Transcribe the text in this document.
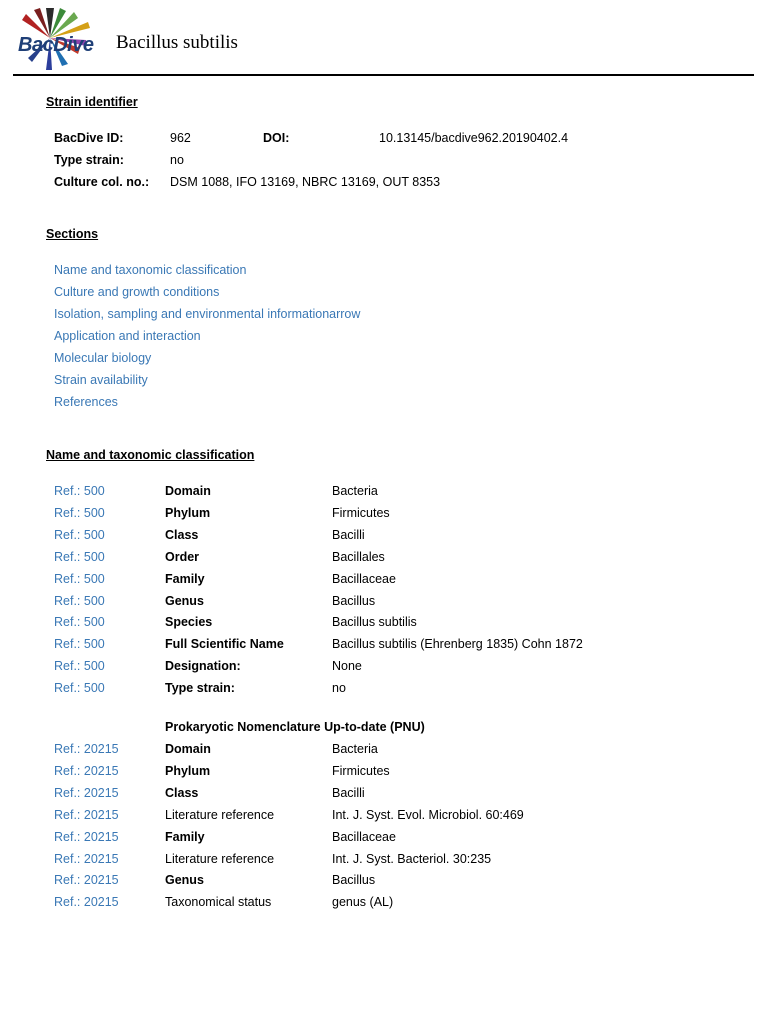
BacDive Bacillus subtilis
Strain identifier
BacDive ID:	962	DOI:	10.13145/bacdive962.20190402.4
Type strain:	no
Culture col. no.: DSM 1088, IFO 13169, NBRC 13169, OUT 8353
Sections
Name and taxonomic classification
Culture and growth conditions
Isolation, sampling and environmental informationarrow
Application and interaction
Molecular biology
Strain availability
References
Name and taxonomic classification
Ref.: 500	Domain	Bacteria
Ref.: 500	Phylum	Firmicutes
Ref.: 500	Class	Bacilli
Ref.: 500	Order	Bacillales
Ref.: 500	Family	Bacillaceae
Ref.: 500	Genus	Bacillus
Ref.: 500	Species	Bacillus subtilis
Ref.: 500	Full Scientific Name	Bacillus subtilis (Ehrenberg 1835) Cohn 1872
Ref.: 500	Designation:	None
Ref.: 500	Type strain:	no
Prokaryotic Nomenclature Up-to-date (PNU)
Ref.: 20215	Domain	Bacteria
Ref.: 20215	Phylum	Firmicutes
Ref.: 20215	Class	Bacilli
Ref.: 20215	Literature reference	Int. J. Syst. Evol. Microbiol. 60:469
Ref.: 20215	Family	Bacillaceae
Ref.: 20215	Literature reference	Int. J. Syst. Bacteriol. 30:235
Ref.: 20215	Genus	Bacillus
Ref.: 20215	Taxonomical status	genus (AL)
